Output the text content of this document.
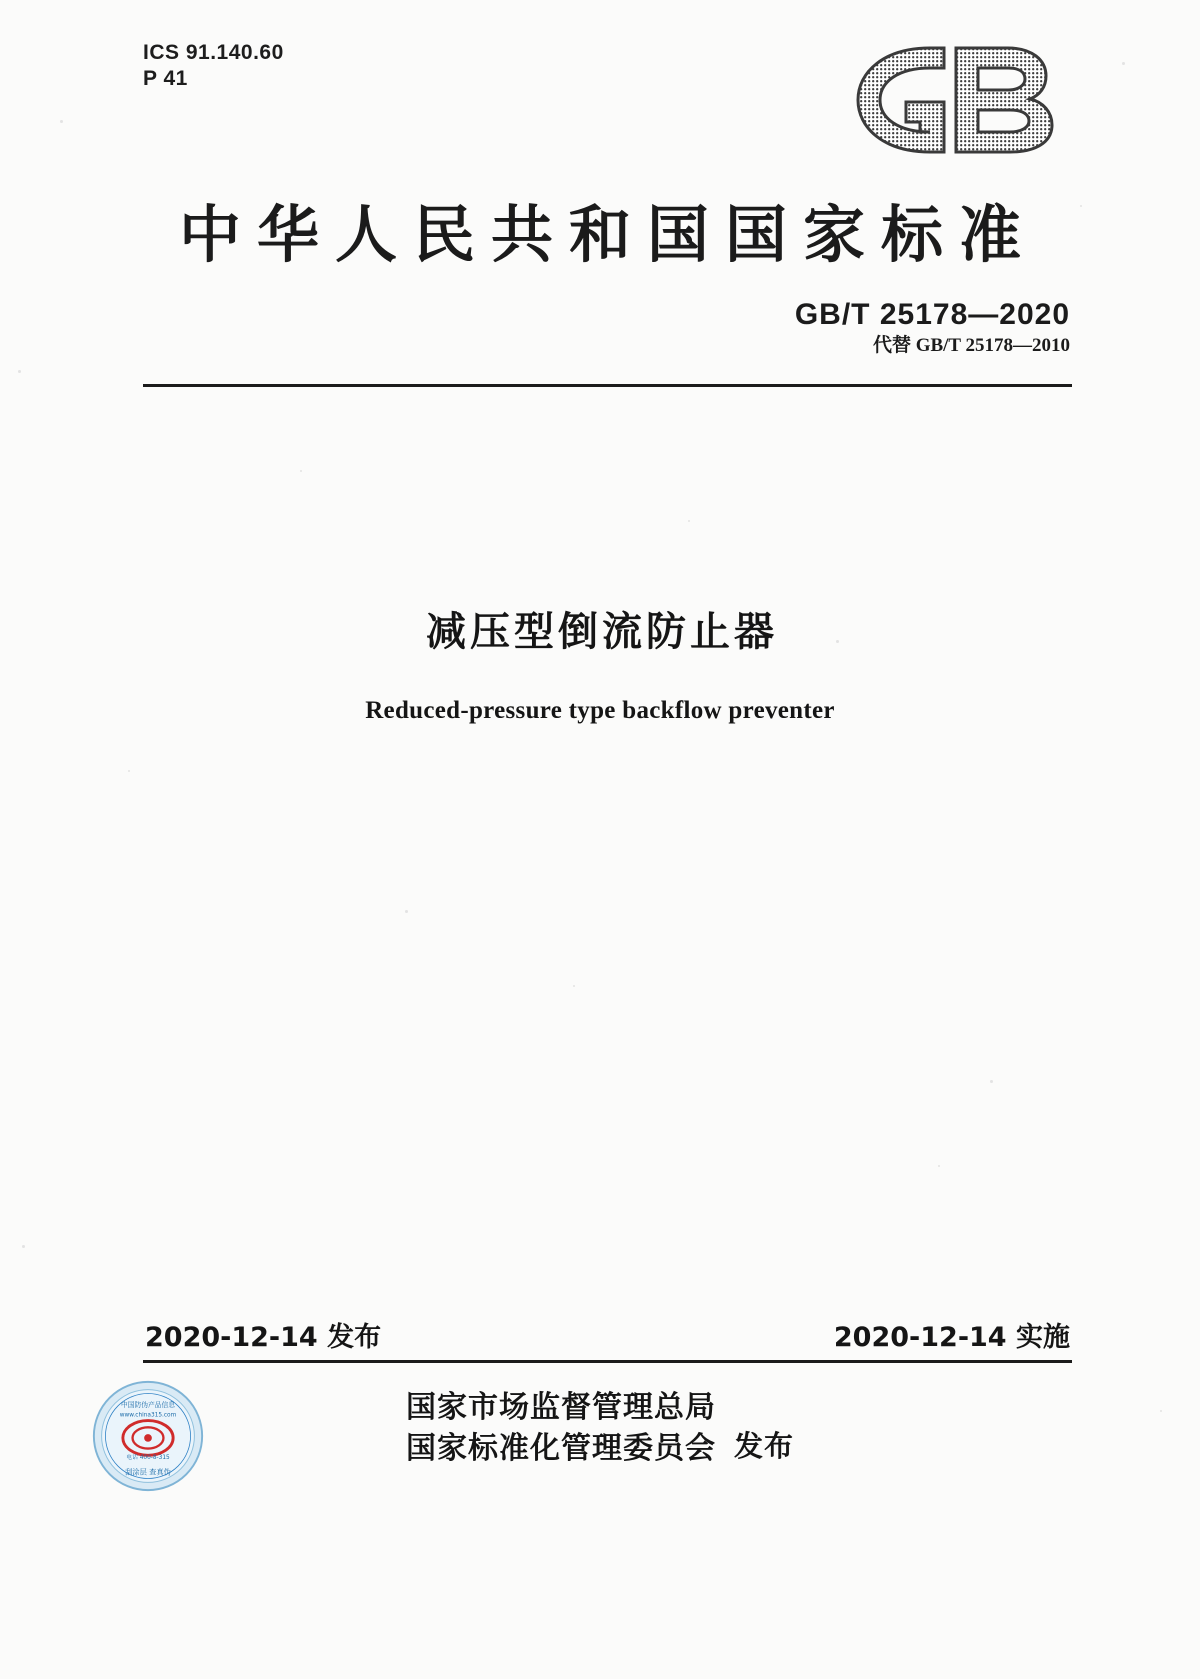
ICS 91.140.60
P 41
中华人民共和国国家标准
GB/T 25178—2020
代替 GB/T 25178—2010
减压型倒流防止器
Reduced-pressure type backflow preventer
2020-12-14 发布	2020-12-14 实施
中国防伪产品信息
www.china315.com
电话 400-8-315
刮涂层 查真伪
国家市场监督管理总局
国家标准化管理委员会 发布
